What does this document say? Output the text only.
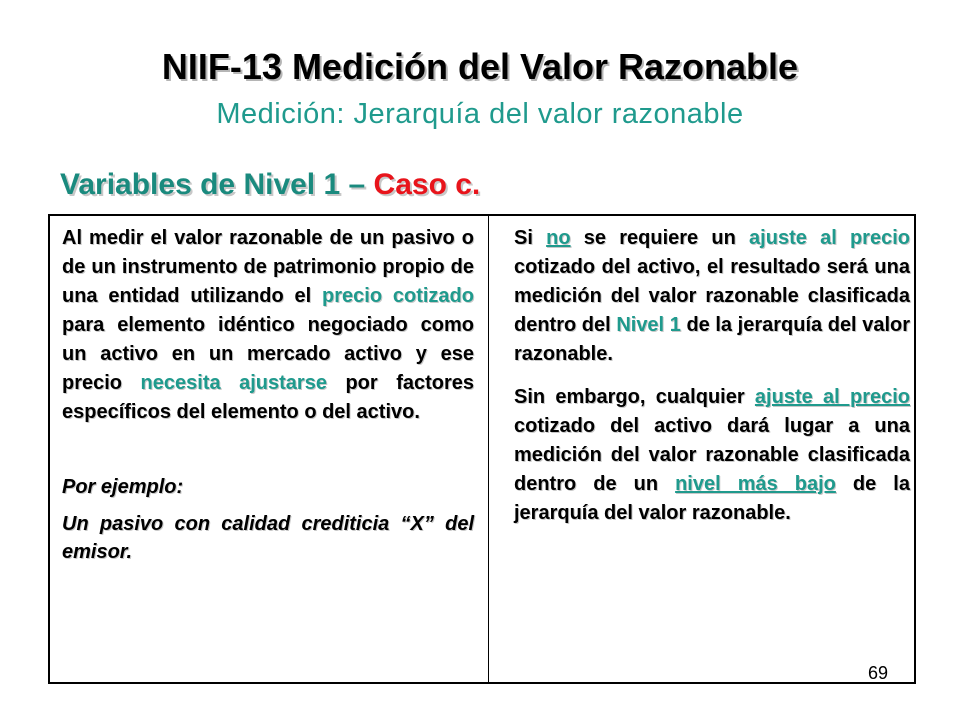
NIIF-13 Medición del Valor Razonable
Medición: Jerarquía del valor razonable
Variables de Nivel 1 – Caso c.

Al medir el valor razonable de un pasivo o de un instrumento de patrimonio propio de una entidad utilizando el precio cotizado para elemento idéntico negociado como un activo en un mercado activo y ese precio necesita ajustarse por factores específicos del elemento o del activo.

Por ejemplo:

Un pasivo con calidad crediticia “X” del emisor.

Si no se requiere un ajuste al precio cotizado del activo, el resultado será una medición del valor razonable clasificada dentro del Nivel 1 de la jerarquía del valor razonable.

Sin embargo, cualquier ajuste al precio cotizado del activo dará lugar a una medición del valor razonable clasificada dentro de un nivel más bajo de la jerarquía del valor razonable.

69
